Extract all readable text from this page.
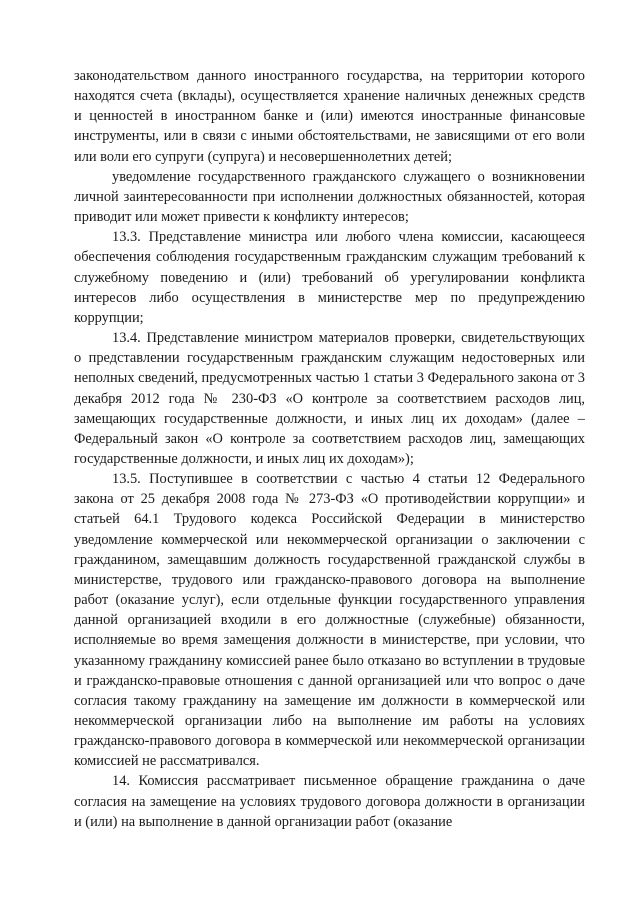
законодательством данного иностранного государства, на территории которого находятся счета (вклады), осуществляется хранение наличных денежных средств и ценностей в иностранном банке и (или) имеются иностранные финансовые инструменты, или в связи с иными обстоятельствами, не зависящими от его воли или воли его супруги (супруга) и несовершеннолетних детей;

уведомление государственного гражданского служащего о возникновении личной заинтересованности при исполнении должностных обязанностей, которая приводит или может привести к конфликту интересов;

13.3. Представление министра или любого члена комиссии, касающееся обеспечения соблюдения государственным гражданским служащим требований к служебному поведению и (или) требований об урегулировании конфликта интересов либо осуществления в министерстве мер по предупреждению коррупции;

13.4. Представление министром материалов проверки, свидетельствующих о представлении государственным гражданским служащим недостоверных или неполных сведений, предусмотренных частью 1 статьи 3 Федерального закона от 3 декабря 2012 года № 230-ФЗ «О контроле за соответствием расходов лиц, замещающих государственные должности, и иных лиц их доходам» (далее – Федеральный закон «О контроле за соответствием расходов лиц, замещающих государственные должности, и иных лиц их доходам»);

13.5. Поступившее в соответствии с частью 4 статьи 12 Федерального закона от 25 декабря 2008 года № 273-ФЗ «О противодействии коррупции» и статьей 64.1 Трудового кодекса Российской Федерации в министерство уведомление коммерческой или некоммерческой организации о заключении с гражданином, замещавшим должность государственной гражданской службы в министерстве, трудового или гражданско-правового договора на выполнение работ (оказание услуг), если отдельные функции государственного управления данной организацией входили в его должностные (служебные) обязанности, исполняемые во время замещения должности в министерстве, при условии, что указанному гражданину комиссией ранее было отказано во вступлении в трудовые и гражданско-правовые отношения с данной организацией или что вопрос о даче согласия такому гражданину на замещение им должности в коммерческой или некоммерческой организации либо на выполнение им работы на условиях гражданско-правового договора в коммерческой или некоммерческой организации комиссией не рассматривался.

14. Комиссия рассматривает письменное обращение гражданина о даче согласия на замещение на условиях трудового договора должности в организации и (или) на выполнение в данной организации работ (оказание
